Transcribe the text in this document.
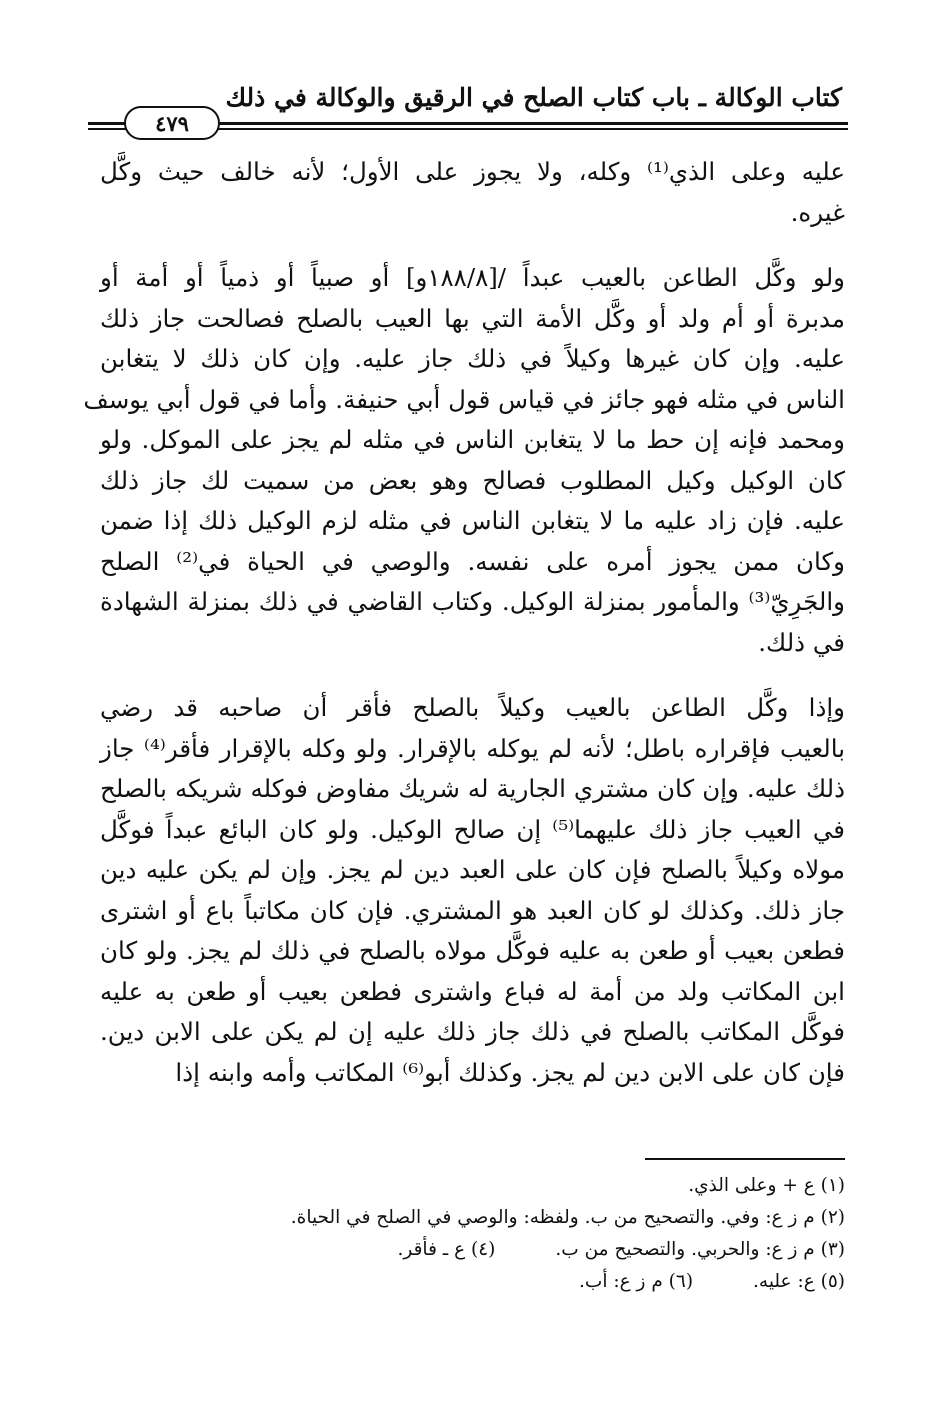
كتاب الوكالة ـ باب كتاب الصلح في الرقيق والوكالة في ذلك
٤٧٩
عليه وعلى الذي⁽¹⁾ وكله، ولا يجوز على الأول؛ لأنه خالف حيث وكَّل
غيره.
ولو وكَّل الطاعن بالعيب عبداً /[١٨٨/٨و] أو صبياً أو ذمياً أو أمة أو
مدبرة أو أم ولد أو وكَّل الأمة التي بها العيب بالصلح فصالحت جاز ذلك
عليه. وإن كان غيرها وكيلاً في ذلك جاز عليه. وإن كان ذلك لا يتغابن
الناس في مثله فهو جائز في قياس قول أبي حنيفة. وأما في قول أبي يوسف
ومحمد فإنه إن حط ما لا يتغابن الناس في مثله لم يجز على الموكل. ولو
كان الوكيل وكيل المطلوب فصالح وهو بعض من سميت لك جاز ذلك
عليه. فإن زاد عليه ما لا يتغابن الناس في مثله لزم الوكيل ذلك إذا ضمن
وكان ممن يجوز أمره على نفسه. والوصي في الحياة في⁽²⁾ الصلح
والجَرِيّ⁽³⁾ والمأمور بمنزلة الوكيل. وكتاب القاضي في ذلك بمنزلة الشهادة
في ذلك.
وإذا وكَّل الطاعن بالعيب وكيلاً بالصلح فأقر أن صاحبه قد رضي
بالعيب فإقراره باطل؛ لأنه لم يوكله بالإقرار. ولو وكله بالإقرار فأقر⁽⁴⁾ جاز
ذلك عليه. وإن كان مشتري الجارية له شريك مفاوض فوكله شريكه بالصلح
في العيب جاز ذلك عليهما⁽⁵⁾ إن صالح الوكيل. ولو كان البائع عبداً فوكَّل
مولاه وكيلاً بالصلح فإن كان على العبد دين لم يجز. وإن لم يكن عليه دين
جاز ذلك. وكذلك لو كان العبد هو المشتري. فإن كان مكاتباً باع أو اشترى
فطعن بعيب أو طعن به عليه فوكَّل مولاه بالصلح في ذلك لم يجز. ولو كان
ابن المكاتب ولد من أمة له فباع واشترى فطعن بعيب أو طعن به عليه
فوكَّل المكاتب بالصلح في ذلك جاز ذلك عليه إن لم يكن على الابن دين.
فإن كان على الابن دين لم يجز. وكذلك أبو⁽⁶⁾ المكاتب وأمه وابنه إذا
(١) ع + وعلى الذي.
(٢) م ز ع: وفي. والتصحيح من ب. ولفظه: والوصي في الصلح في الحياة.
(٣) م ز ع: والحربي. والتصحيح من ب.(٤) ع ـ فأقر.
(٥) ع: عليه.(٦) م ز ع: أب.
